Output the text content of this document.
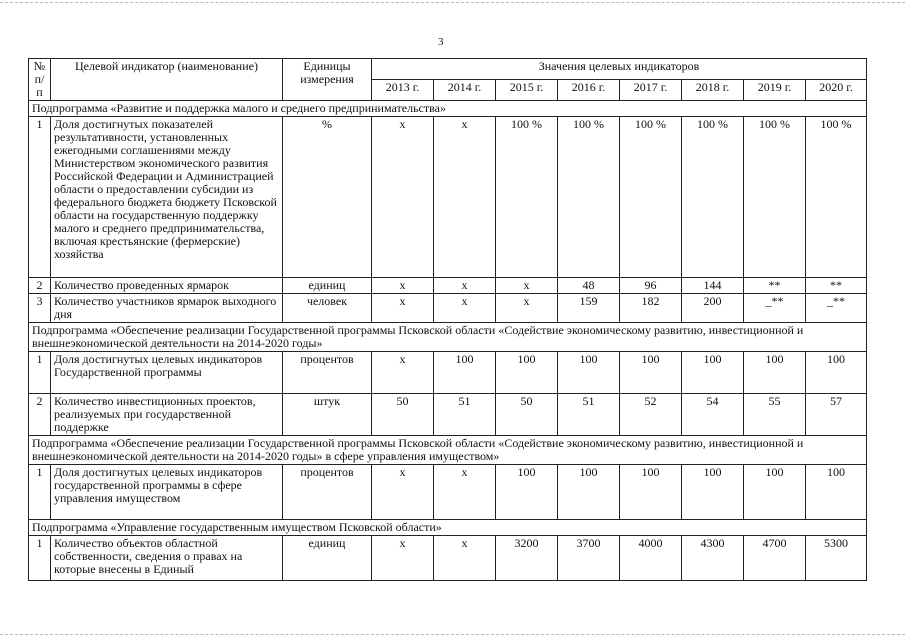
3
№ п/п	Целевой индикатор (наименование)	Единицы измерения	Значения целевых индикаторов							
			2013 г.	2014 г.	2015 г.	2016 г.	2017 г.	2018 г.	2019 г.	2020 г.
Подпрограмма «Развитие и поддержка малого и среднего предпринимательства»										
1	Доля достигнутых показателей результативности, установленных ежегодными соглашениями между Министерством экономического развития Российской Федерации и Администрацией области о предоставлении субсидии из федерального бюджета бюджету Псковской области на государственную поддержку малого и среднего предпринимательства, включая крестьянские (фермерские) хозяйства	%	x	x	100 %	100 %	100 %	100 %	100 %	100 %
2	Количество проведенных ярмарок	единиц	x	x	x	48	96	144	**	**
3	Количество участников ярмарок выходного дня	человек	x	x	x	159	182	200	_**	_**
Подпрограмма «Обеспечение реализации Государственной программы Псковской области «Содействие экономическому развитию, инвестиционной и внешнеэкономической деятельности на 2014-2020 годы»										
1	Доля достигнутых целевых индикаторов Государственной программы	процентов	x	100	100	100	100	100	100	100
2	Количество инвестиционных проектов, реализуемых при государственной поддержке	штук	50	51	50	51	52	54	55	57
Подпрограмма «Обеспечение реализации Государственной программы Псковской области «Содействие экономическому развитию, инвестиционной и внешнеэкономической деятельности на 2014-2020 годы» в сфере управления имуществом»										
1	Доля достигнутых целевых индикаторов государственной программы в сфере управления имуществом	процентов	x	x	100	100	100	100	100	100
Подпрограмма «Управление государственным имуществом Псковской области»										
1	Количество объектов областной собственности, сведения о правах на которые внесены в Единый	единиц	x	x	3200	3700	4000	4300	4700	5300
